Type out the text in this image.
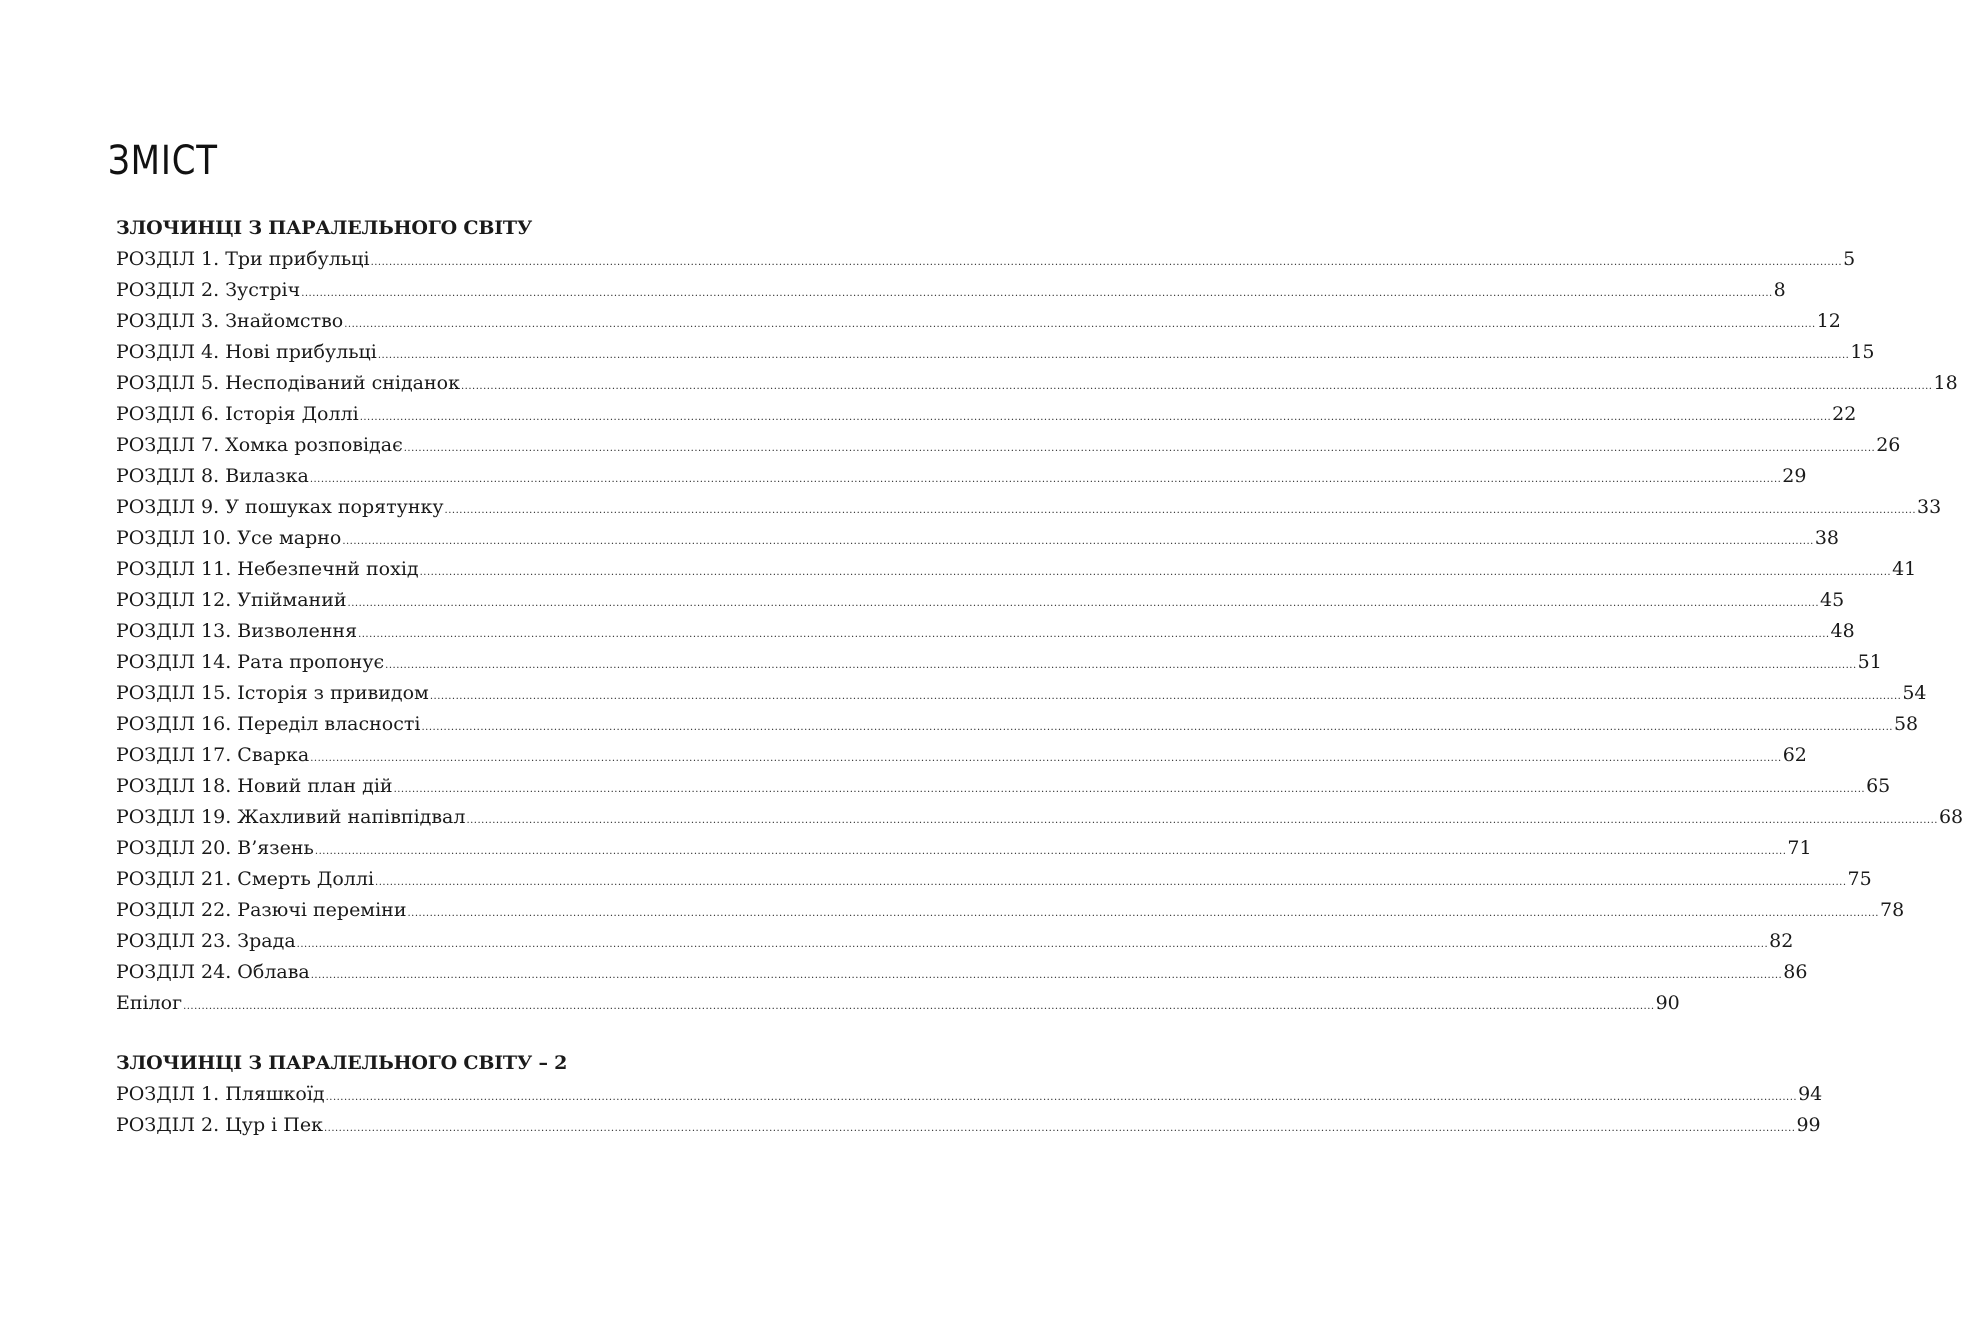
ЗМІСТ
ЗЛОЧИНЦІ З ПАРАЛЕЛЬНОГО СВІТУ
РОЗДІЛ 1. Три прибульці ................................................................................................................................................................................................................................................................................................................................................................................................................ 5
РОЗДІЛ 2. Зустріч ................................................................................................................................................................................................................................................................................................................................................................................................................ 8
РОЗДІЛ 3. Знайомство ................................................................................................................................................................................................................................................................................................................................................................................................................ 12
РОЗДІЛ 4. Нові прибульці ................................................................................................................................................................................................................................................................................................................................................................................................................ 15
РОЗДІЛ 5. Несподіваний сніданок ................................................................................................................................................................................................................................................................................................................................................................................................................ 18
РОЗДІЛ 6. Історія Доллі ................................................................................................................................................................................................................................................................................................................................................................................................................ 22
РОЗДІЛ 7. Хомка розповідає ................................................................................................................................................................................................................................................................................................................................................................................................................ 26
РОЗДІЛ 8. Вилазка ................................................................................................................................................................................................................................................................................................................................................................................................................ 29
РОЗДІЛ 9. У пошуках порятунку ................................................................................................................................................................................................................................................................................................................................................................................................................ 33
РОЗДІЛ 10. Усе марно ................................................................................................................................................................................................................................................................................................................................................................................................................ 38
РОЗДІЛ 11. Небезпечнй похід ................................................................................................................................................................................................................................................................................................................................................................................................................ 41
РОЗДІЛ 12. Упійманий ................................................................................................................................................................................................................................................................................................................................................................................................................ 45
РОЗДІЛ 13. Визволення ................................................................................................................................................................................................................................................................................................................................................................................................................ 48
РОЗДІЛ 14. Рата пропонує ................................................................................................................................................................................................................................................................................................................................................................................................................ 51
РОЗДІЛ 15. Історія з привидом ................................................................................................................................................................................................................................................................................................................................................................................................................ 54
РОЗДІЛ 16. Переділ власності ................................................................................................................................................................................................................................................................................................................................................................................................................ 58
РОЗДІЛ 17. Сварка ................................................................................................................................................................................................................................................................................................................................................................................................................ 62
РОЗДІЛ 18. Новий план дій ................................................................................................................................................................................................................................................................................................................................................................................................................ 65
РОЗДІЛ 19. Жахливий напівпідвал ................................................................................................................................................................................................................................................................................................................................................................................................................ 68
РОЗДІЛ 20. В’язень ................................................................................................................................................................................................................................................................................................................................................................................................................ 71
РОЗДІЛ 21. Смерть Доллі ................................................................................................................................................................................................................................................................................................................................................................................................................ 75
РОЗДІЛ 22. Разючі переміни ................................................................................................................................................................................................................................................................................................................................................................................................................ 78
РОЗДІЛ 23. Зрада ................................................................................................................................................................................................................................................................................................................................................................................................................ 82
РОЗДІЛ 24. Облава ................................................................................................................................................................................................................................................................................................................................................................................................................ 86
Епілог ................................................................................................................................................................................................................................................................................................................................................................................................................ 90
ЗЛОЧИНЦІ З ПАРАЛЕЛЬНОГО СВІТУ – 2
РОЗДІЛ 1. Пляшкоїд ................................................................................................................................................................................................................................................................................................................................................................................................................ 94
РОЗДІЛ 2. Цур і Пек ................................................................................................................................................................................................................................................................................................................................................................................................................ 99
